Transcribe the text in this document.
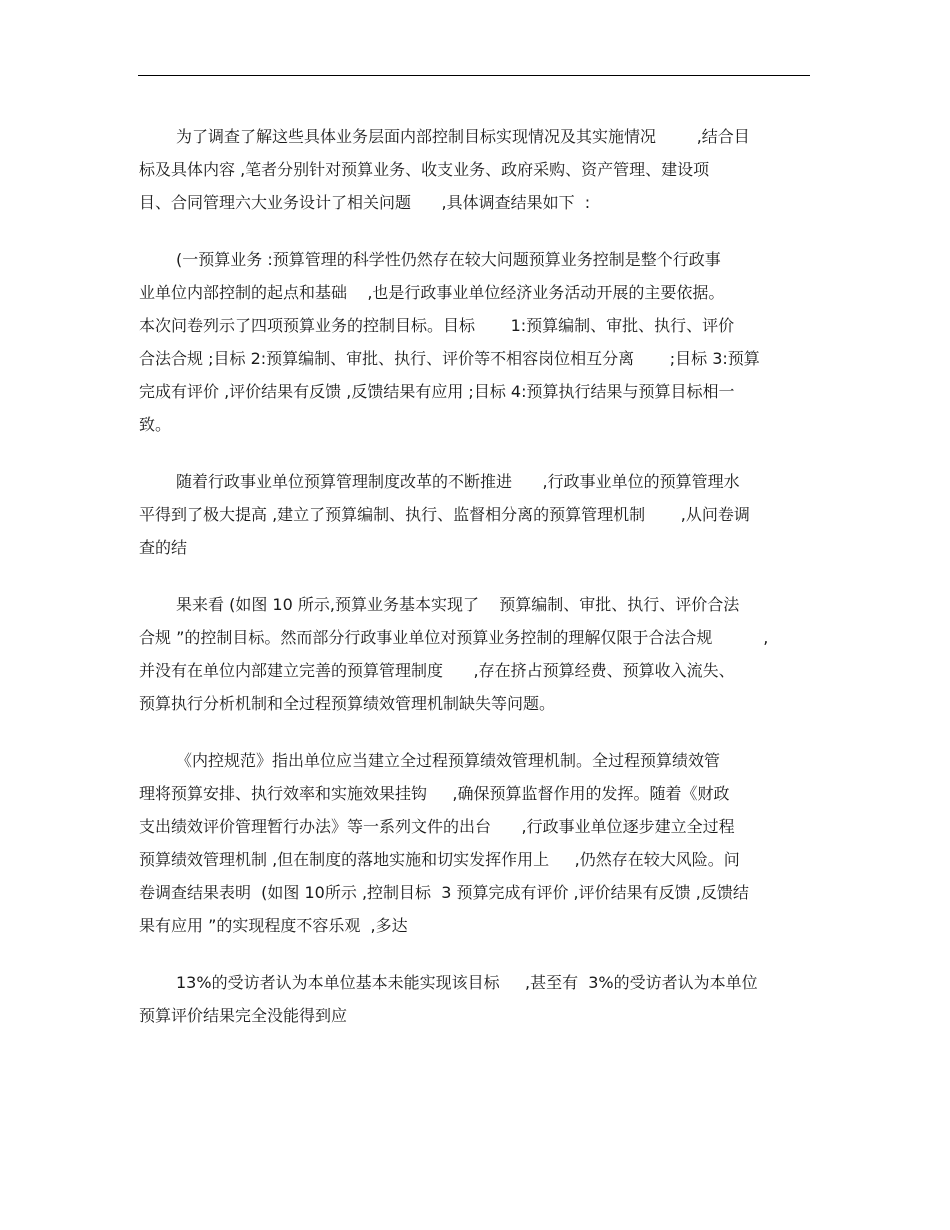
为了调查了解这些具体业务层面内部控制目标实现情况及其实施情况        ,结合目
标及具体内容 ,笔者分别针对预算业务、收支业务、政府采购、资产管理、建设项
目、合同管理六大业务设计了相关问题      ,具体调查结果如下  :
(一预算业务 :预算管理的科学性仍然存在较大问题预算业务控制是整个行政事
业单位内部控制的起点和基础    ,也是行政事业单位经济业务活动开展的主要依据。
本次问卷列示了四项预算业务的控制目标。目标       1:预算编制、审批、执行、评价
合法合规 ;目标 2:预算编制、审批、执行、评价等不相容岗位相互分离       ;目标 3:预算
完成有评价 ,评价结果有反馈 ,反馈结果有应用 ;目标 4:预算执行结果与预算目标相一
致。
随着行政事业单位预算管理制度改革的不断推进      ,行政事业单位的预算管理水
平得到了极大提高 ,建立了预算编制、执行、监督相分离的预算管理机制       ,从问卷调
查的结
果来看 (如图 10 所示,预算业务基本实现了    预算编制、审批、执行、评价合法
合规 ”的控制目标。然而部分行政事业单位对预算业务控制的理解仅限于合法合规          ,
并没有在单位内部建立完善的预算管理制度      ,存在挤占预算经费、预算收入流失、
预算执行分析机制和全过程预算绩效管理机制缺失等问题。
《内控规范》指出单位应当建立全过程预算绩效管理机制。全过程预算绩效管
理将预算安排、执行效率和实施效果挂钩     ,确保预算监督作用的发挥。随着《财政
支出绩效评价管理暂行办法》等一系列文件的出台      ,行政事业单位逐步建立全过程
预算绩效管理机制 ,但在制度的落地实施和切实发挥作用上     ,仍然存在较大风险。问
卷调查结果表明  (如图 10所示 ,控制目标  3 预算完成有评价 ,评价结果有反馈 ,反馈结
果有应用 ”的实现程度不容乐观  ,多达
13%的受访者认为本单位基本未能实现该目标     ,甚至有  3%的受访者认为本单位
预算评价结果完全没能得到应
